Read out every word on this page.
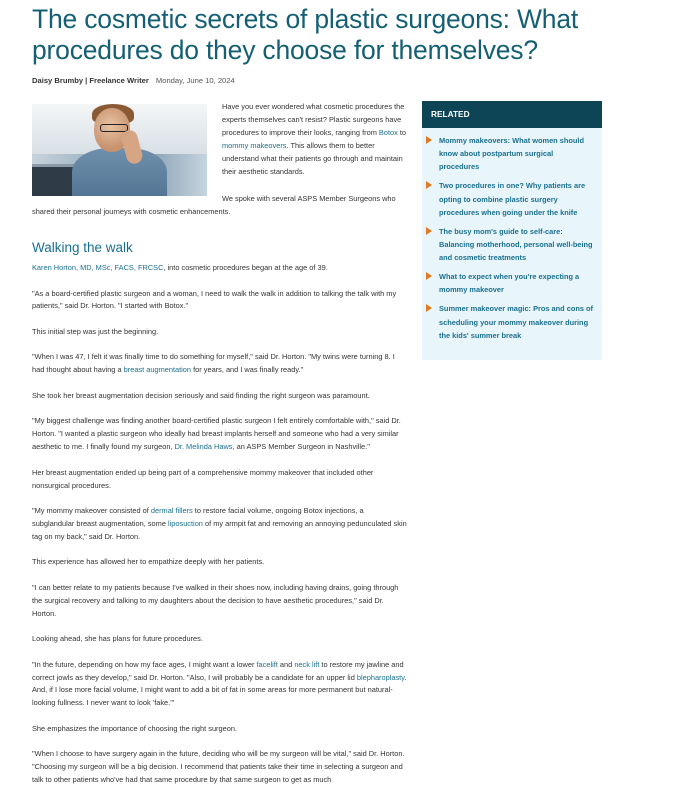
The cosmetic secrets of plastic surgeons: What procedures do they choose for themselves?
Daisy Brumby | Freelance Writer Monday, June 10, 2024

Have you ever wondered what cosmetic procedures the experts themselves can't resist? Plastic surgeons have procedures to improve their looks, ranging from Botox to mommy makeovers. This allows them to better understand what their patients go through and maintain their aesthetic standards.

We spoke with several ASPS Member Surgeons who shared their personal journeys with cosmetic enhancements.

Walking the walk

Karen Horton, MD, MSc, FACS, FRCSC, into cosmetic procedures began at the age of 39.

"As a board-certified plastic surgeon and a woman, I need to walk the walk in addition to talking the talk with my patients," said Dr. Horton. "I started with Botox."

This initial step was just the beginning.

"When I was 47, I felt it was finally time to do something for myself," said Dr. Horton. "My twins were turning 8. I had thought about having a breast augmentation for years, and I was finally ready."

She took her breast augmentation decision seriously and said finding the right surgeon was paramount.

"My biggest challenge was finding another board-certified plastic surgeon I felt entirely comfortable with," said Dr. Horton. "I wanted a plastic surgeon who ideally had breast implants herself and someone who had a very similar aesthetic to me. I finally found my surgeon, Dr. Melinda Haws, an ASPS Member Surgeon in Nashville."

Her breast augmentation ended up being part of a comprehensive mommy makeover that included other nonsurgical procedures.

"My mommy makeover consisted of dermal fillers to restore facial volume, ongoing Botox injections, a subglandular breast augmentation, some liposuction of my armpit fat and removing an annoying pedunculated skin tag on my back," said Dr. Horton.

This experience has allowed her to empathize deeply with her patients.

"I can better relate to my patients because I've walked in their shoes now, including having drains, going through the surgical recovery and talking to my daughters about the decision to have aesthetic procedures," said Dr. Horton.

Looking ahead, she has plans for future procedures.

"In the future, depending on how my face ages, I might want a lower facelift and neck lift to restore my jawline and correct jowls as they develop," said Dr. Horton. "Also, I will probably be a candidate for an upper lid blepharoplasty. And, if I lose more facial volume, I might want to add a bit of fat in some areas for more permanent but natural-looking fullness. I never want to look 'fake.'"

She emphasizes the importance of choosing the right surgeon.

"When I choose to have surgery again in the future, deciding who will be my surgeon will be vital," said Dr. Horton. "Choosing my surgeon will be a big decision. I recommend that patients take their time in selecting a surgeon and talk to other patients who've had that same procedure by that same surgeon to get as much

RELATED
Mommy makeovers: What women should know about postpartum surgical procedures
Two procedures in one? Why patients are opting to combine plastic surgery procedures when going under the knife
The busy mom's guide to self-care: Balancing motherhood, personal well-being and cosmetic treatments
What to expect when you're expecting a mommy makeover
Summer makeover magic: Pros and cons of scheduling your mommy makeover during the kids' summer break
